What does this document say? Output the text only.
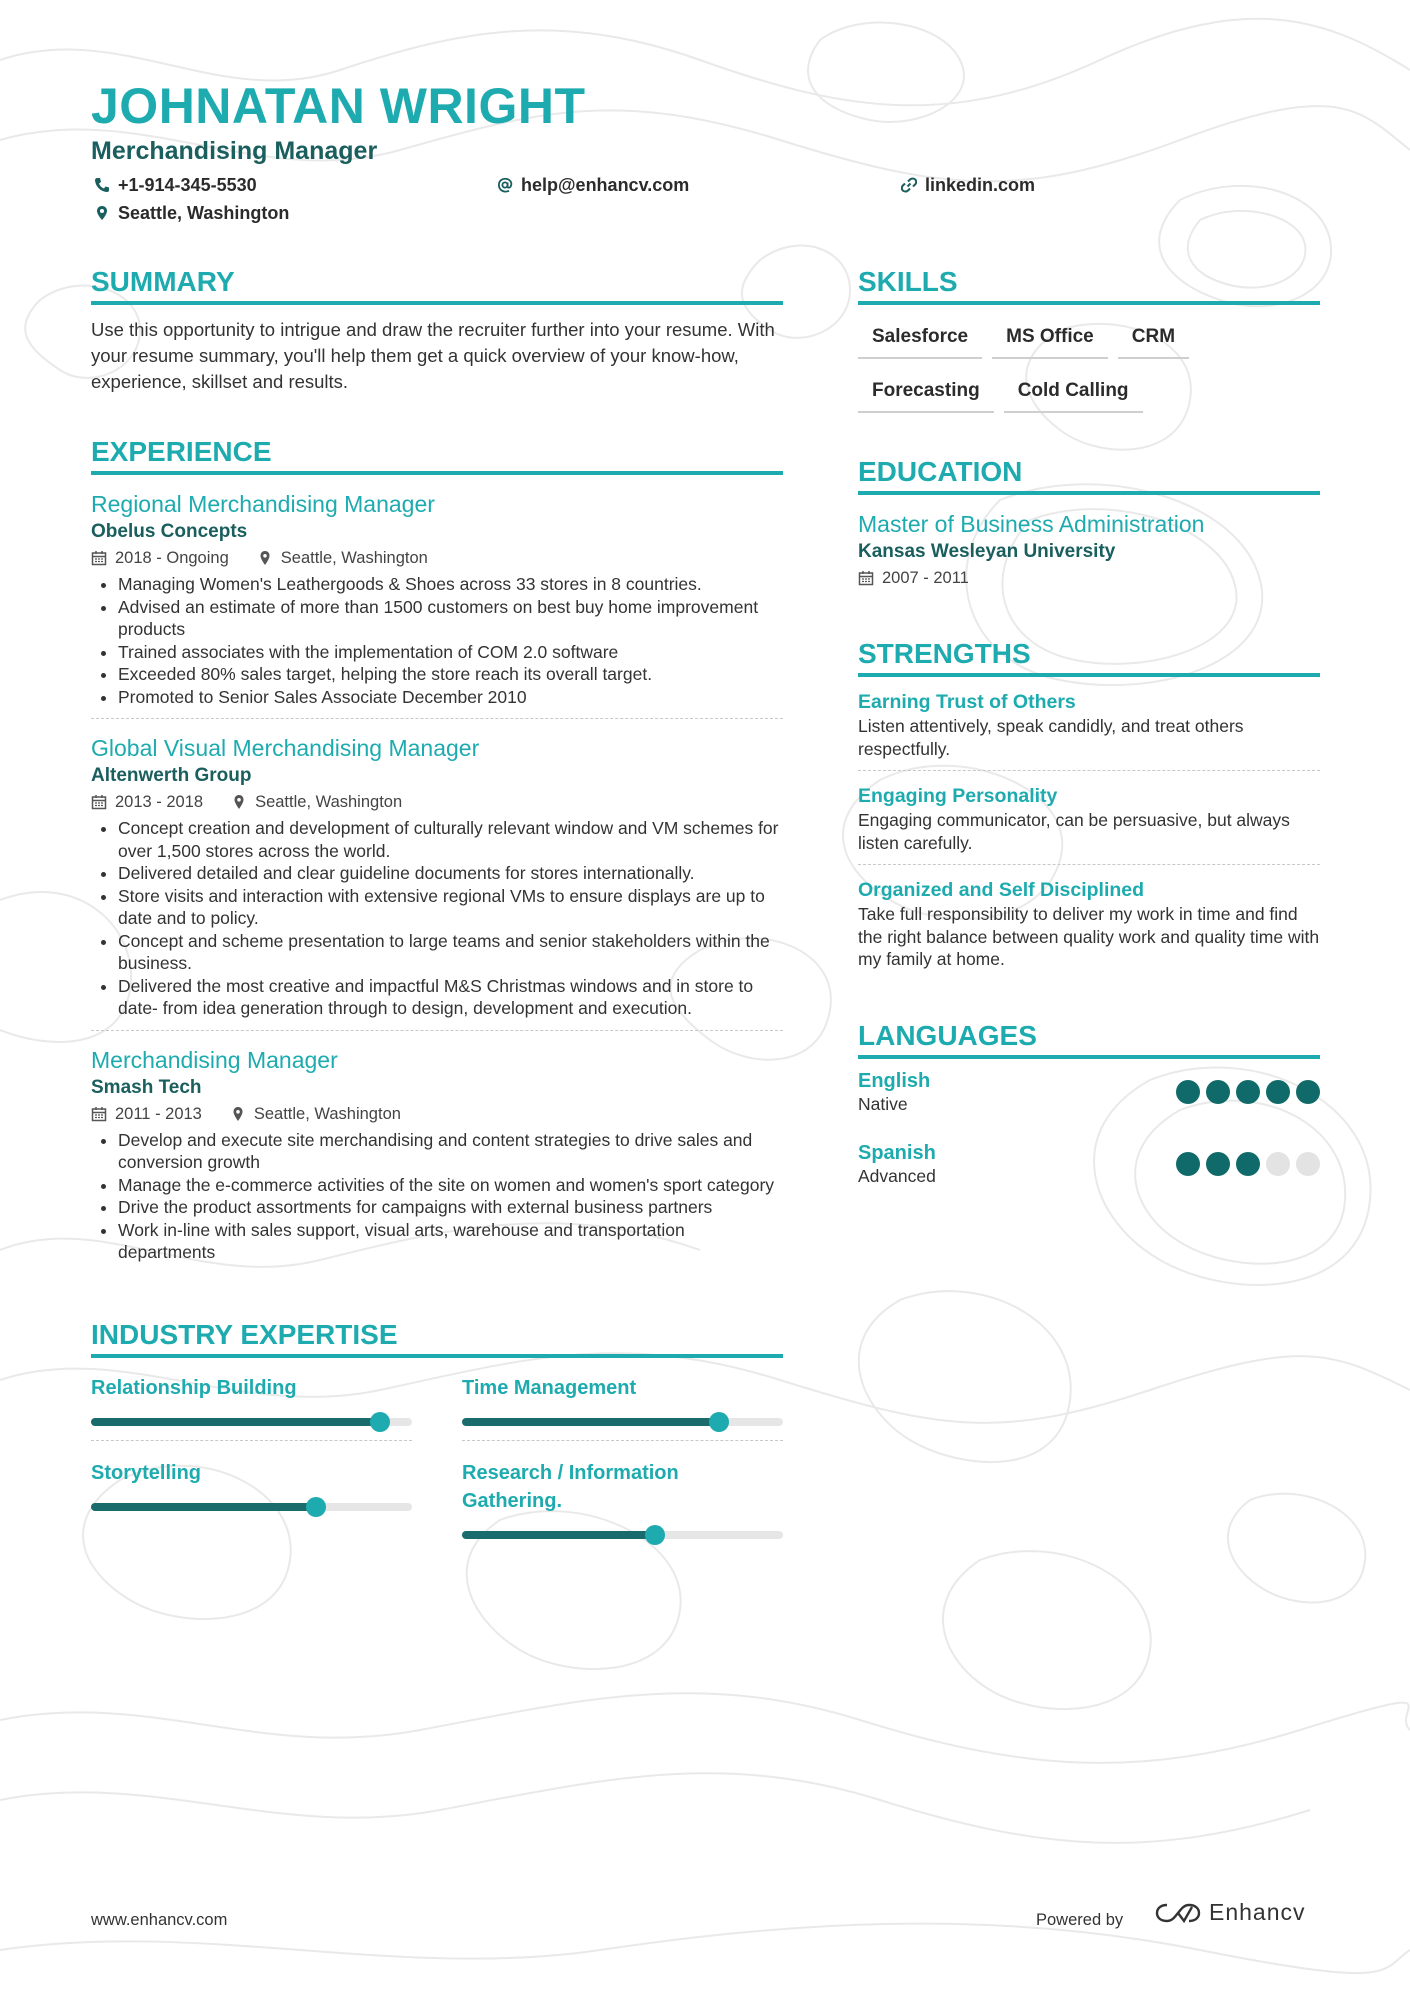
JOHNATAN WRIGHT
Merchandising Manager
+1-914-345-5530	help@enhancv.com	linkedin.com
Seattle, Washington
SUMMARY
Use this opportunity to intrigue and draw the recruiter further into your resume. With your resume summary, you'll help them get a quick overview of your know-how, experience, skillset and results.
EXPERIENCE
Regional Merchandising Manager
Obelus Concepts
2018 - Ongoing	Seattle, Washington
• Managing Women's Leathergoods & Shoes across 33 stores in 8 countries.
• Advised an estimate of more than 1500 customers on best buy home improvement products
• Trained associates with the implementation of COM 2.0 software
• Exceeded 80% sales target, helping the store reach its overall target.
• Promoted to Senior Sales Associate December 2010
Global Visual Merchandising Manager
Altenwerth Group
2013 - 2018	Seattle, Washington
• Concept creation and development of culturally relevant window and VM schemes for over 1,500 stores across the world.
• Delivered detailed and clear guideline documents for stores internationally.
• Store visits and interaction with extensive regional VMs to ensure displays are up to date and to policy.
• Concept and scheme presentation to large teams and senior stakeholders within the business.
• Delivered the most creative and impactful M&S Christmas windows and in store to date- from idea generation through to design, development and execution.
Merchandising Manager
Smash Tech
2011 - 2013	Seattle, Washington
• Develop and execute site merchandising and content strategies to drive sales and conversion growth
• Manage the e-commerce activities of the site on women and women's sport category
• Drive the product assortments for campaigns with external business partners
• Work in-line with sales support, visual arts, warehouse and transportation departments
INDUSTRY EXPERTISE
Relationship Building	Time Management
Storytelling	Research / Information Gathering.
SKILLS
Salesforce	MS Office	CRM
Forecasting	Cold Calling
EDUCATION
Master of Business Administration
Kansas Wesleyan University
2007 - 2011
STRENGTHS
Earning Trust of Others
Listen attentively, speak candidly, and treat others respectfully.
Engaging Personality
Engaging communicator, can be persuasive, but always listen carefully.
Organized and Self Disciplined
Take full responsibility to deliver my work in time and find the right balance between quality work and quality time with my family at home.
LANGUAGES
English
Native
Spanish
Advanced
www.enhancv.com	Powered by	Enhancv
